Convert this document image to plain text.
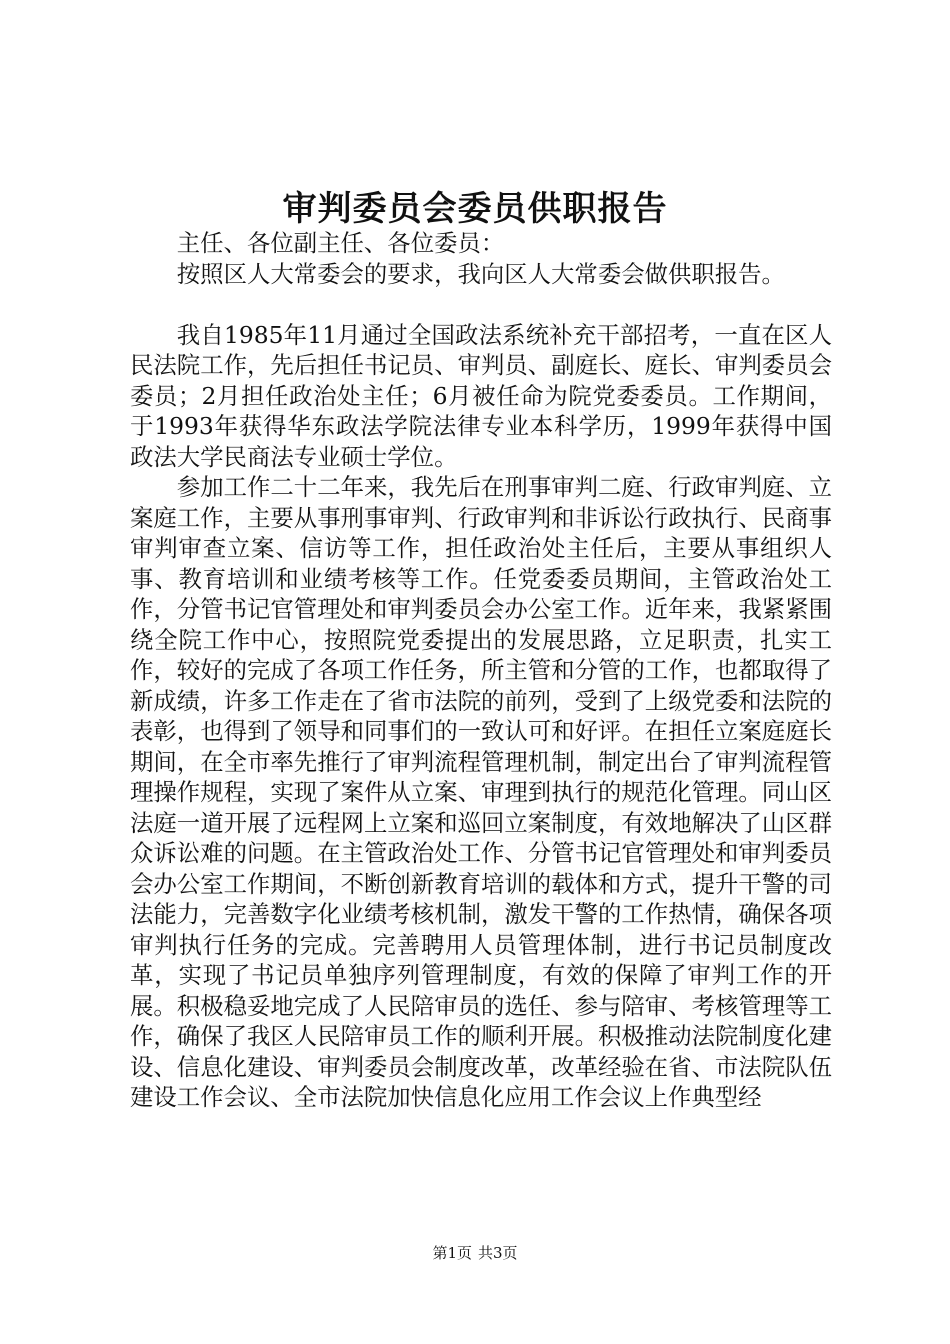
审判委员会委员供职报告

主任、各位副主任、各位委员：

按照区人大常委会的要求，我向区人大常委会做供职报告。

我自1985年11月通过全国政法系统补充干部招考，一直在区人民法院工作，先后担任书记员、审判员、副庭长、庭长、审判委员会委员；2月担任政治处主任；6月被任命为院党委委员。工作期间，于1993年获得华东政法学院法律专业本科学历，1999年获得中国政法大学民商法专业硕士学位。

参加工作二十二年来，我先后在刑事审判二庭、行政审判庭、立案庭工作，主要从事刑事审判、行政审判和非诉讼行政执行、民商事审判审查立案、信访等工作，担任政治处主任后，主要从事组织人事、教育培训和业绩考核等工作。任党委委员期间，主管政治处工作，分管书记官管理处和审判委员会办公室工作。近年来，我紧紧围绕全院工作中心，按照院党委提出的发展思路，立足职责，扎实工作，较好的完成了各项工作任务，所主管和分管的工作，也都取得了新成绩，许多工作走在了省市法院的前列，受到了上级党委和法院的表彰，也得到了领导和同事们的一致认可和好评。在担任立案庭庭长期间，在全市率先推行了审判流程管理机制，制定出台了审判流程管理操作规程，实现了案件从立案、审理到执行的规范化管理。同山区法庭一道开展了远程网上立案和巡回立案制度，有效地解决了山区群众诉讼难的问题。在主管政治处工作、分管书记官管理处和审判委员会办公室工作期间，不断创新教育培训的载体和方式，提升干警的司法能力，完善数字化业绩考核机制，激发干警的工作热情，确保各项审判执行任务的完成。完善聘用人员管理体制，进行书记员制度改革，实现了书记员单独序列管理制度，有效的保障了审判工作的开展。积极稳妥地完成了人民陪审员的选任、参与陪审、考核管理等工作，确保了我区人民陪审员工作的顺利开展。积极推动法院制度化建设、信息化建设、审判委员会制度改革，改革经验在省、市法院队伍建设工作会议、全市法院加快信息化应用工作会议上作典型经

第1页 共3页
